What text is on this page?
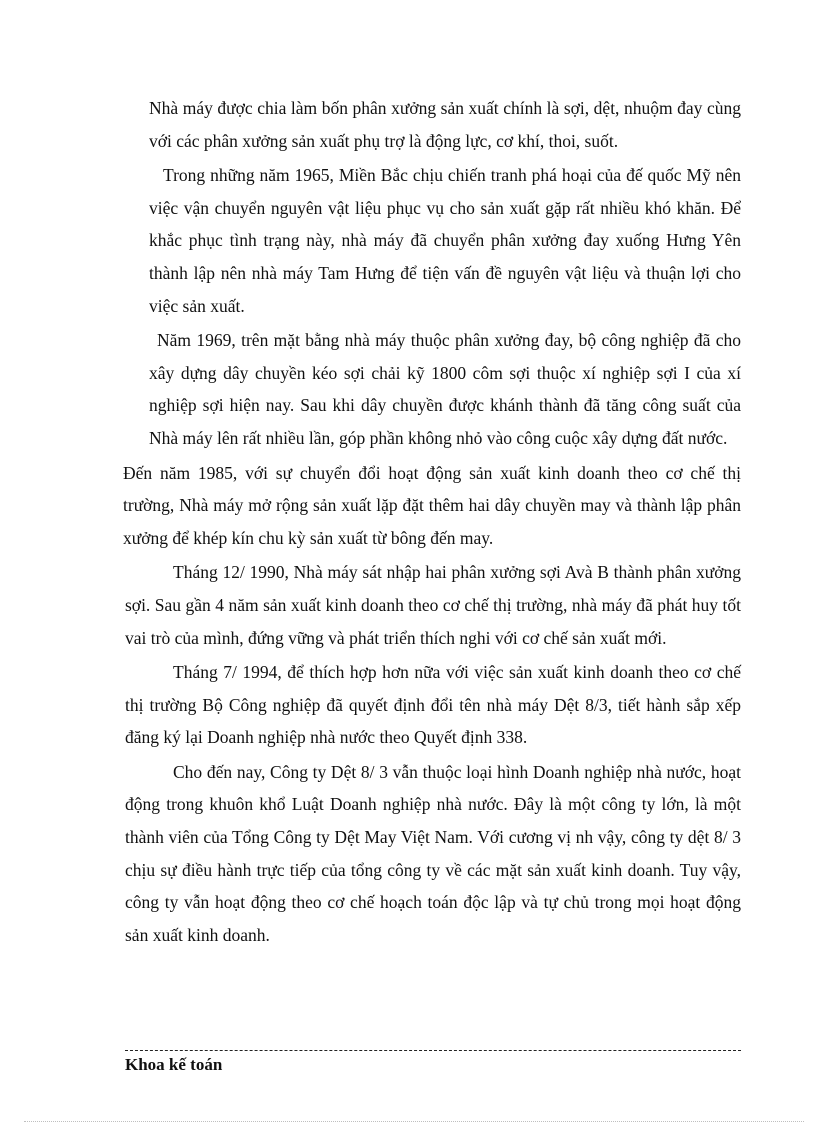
Nhà máy được chia làm bốn phân xưởng sản xuất chính là sợi, dệt, nhuộm đay cùng với các phân xưởng sản xuất phụ trợ là động lực, cơ khí, thoi, suốt.

Trong những năm 1965, Miền Bắc chịu chiến tranh phá hoại của đế quốc Mỹ nên việc vận chuyển nguyên vật liệu phục vụ cho sản xuất gặp rất nhiều khó khăn. Để khắc phục tình trạng này, nhà máy đã chuyển phân xưởng đay xuống Hưng Yên thành lập nên nhà máy Tam Hưng để tiện vấn đề nguyên vật liệu và thuận lợi cho việc sản xuất.

Năm 1969, trên mặt bằng nhà máy thuộc phân xưởng đay, bộ công nghiệp đã cho xây dựng dây chuyền kéo sợi chải kỹ 1800 côm sợi thuộc xí nghiệp sợi I của xí nghiệp sợi hiện nay. Sau khi dây chuyền được khánh thành đã tăng công suất của Nhà máy lên rất nhiều lần, góp phần không nhỏ vào công cuộc xây dựng đất nước.

Đến năm 1985, với sự chuyển đổi hoạt động sản xuất kinh doanh theo cơ chế thị trường, Nhà máy mở rộng sản xuất lặp đặt thêm hai dây chuyền may và thành lập phân xưởng để khép kín chu kỳ sản xuất từ bông đến may.

Tháng 12/ 1990, Nhà máy sát nhập hai phân xưởng sợi Avà B thành phân xưởng sợi. Sau gần 4 năm sản xuất kinh doanh theo cơ chế thị trường, nhà máy đã phát huy tốt vai trò của mình, đứng vững và phát triển thích nghi với cơ chế sản xuất mới.

Tháng 7/ 1994, để thích hợp hơn nữa với việc sản xuất kinh doanh theo cơ chế thị trường Bộ Công nghiệp đã quyết định đổi tên nhà máy Dệt 8/3, tiết hành sắp xếp đăng ký lại Doanh nghiệp nhà nước theo Quyết định 338.

Cho đến nay, Công ty Dệt 8/ 3 vẫn thuộc loại hình Doanh nghiệp nhà nước, hoạt động trong khuôn khổ Luật Doanh nghiệp nhà nước. Đây là một công ty lớn, là một thành viên của Tổng Công ty Dệt May Việt Nam. Với cương vị nh vậy, công ty dệt 8/ 3 chịu sự điều hành trực tiếp của tổng công ty về các mặt sản xuất kinh doanh. Tuy vậy, công ty vẫn hoạt động theo cơ chế hoạch toán độc lập và tự chủ trong mọi hoạt động sản xuất kinh doanh.

Khoa kế toán
